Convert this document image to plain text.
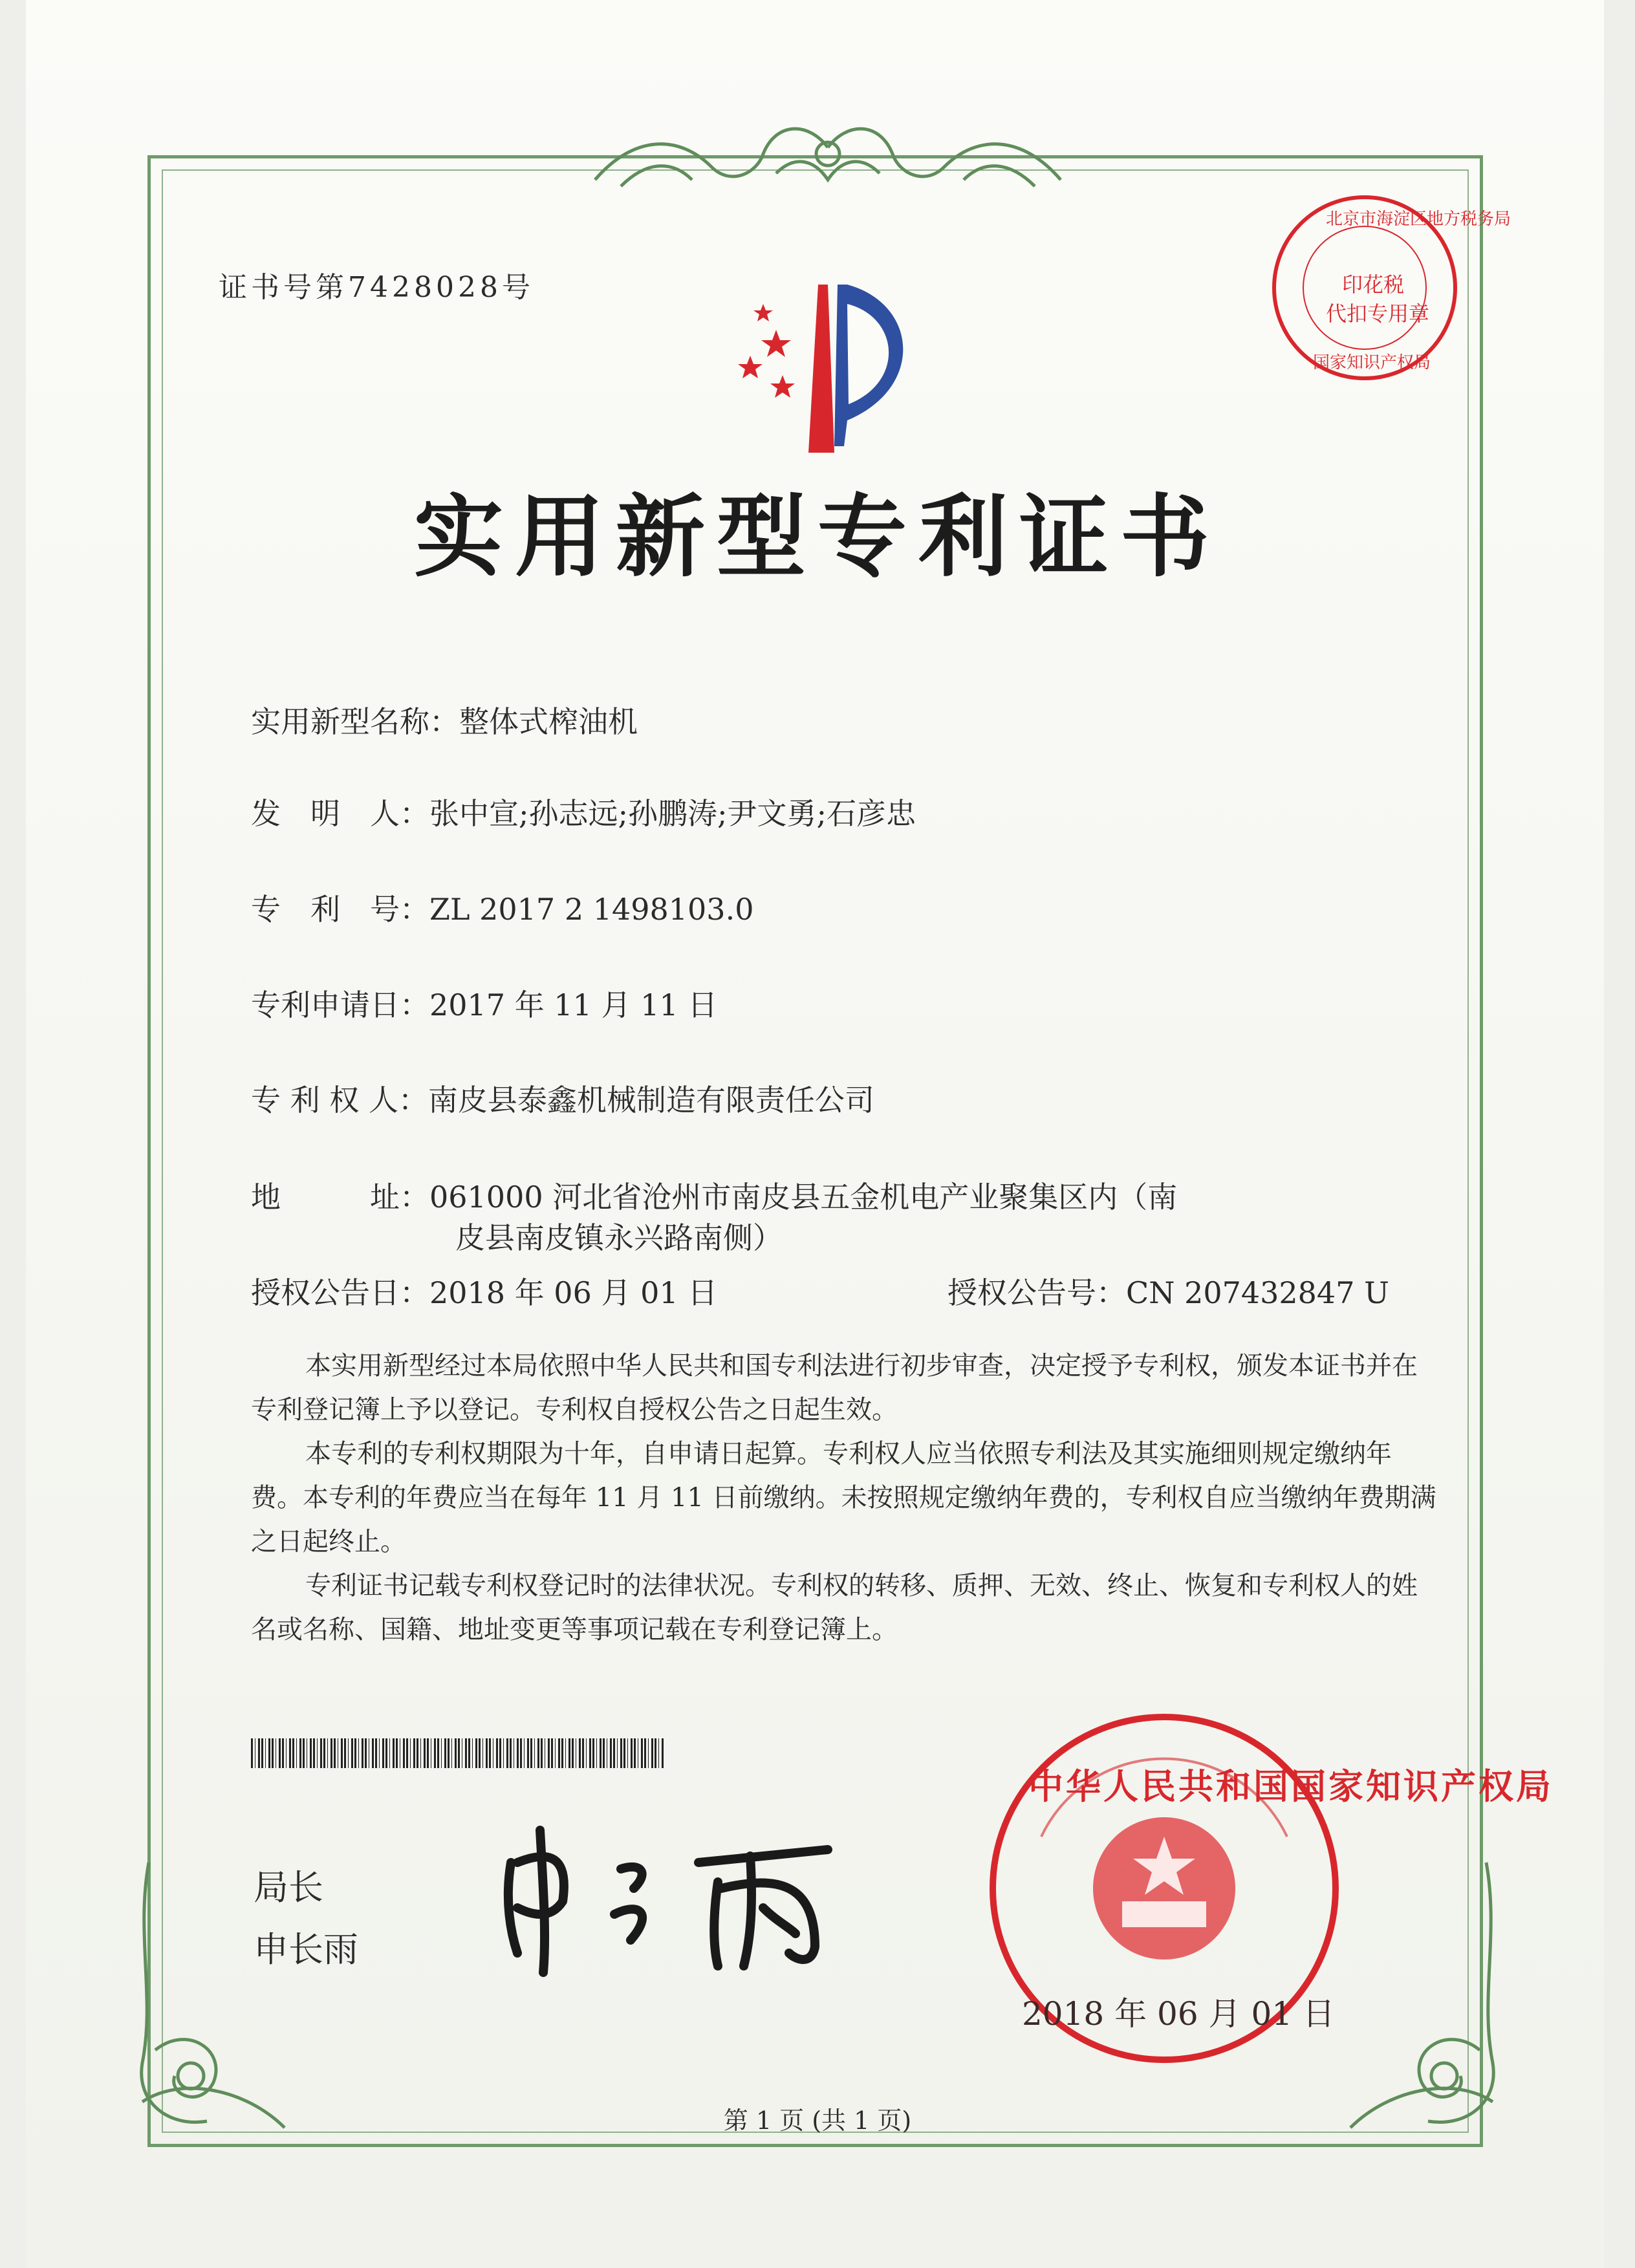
证书号第7428028号
北京市海淀区地方税务局
印花税
代扣专用章
国家知识产权局
实用新型专利证书
实用新型名称：整体式榨油机
发　明　人：张中宣;孙志远;孙鹏涛;尹文勇;石彦忠
专　利　号：ZL 2017 2 1498103.0
专利申请日：2017 年 11 月 11 日
专 利 权 人：南皮县泰鑫机械制造有限责任公司
地　　　址：061000 河北省沧州市南皮县五金机电产业聚集区内（南
皮县南皮镇永兴路南侧）
授权公告日：2018 年 06 月 01 日	授权公告号：CN 207432847 U

本实用新型经过本局依照中华人民共和国专利法进行初步审查，决定授予专利权，颁发本证书并在专利登记簿上予以登记。专利权自授权公告之日起生效。

本专利的专利权期限为十年，自申请日起算。专利权人应当依照专利法及其实施细则规定缴纳年费。本专利的年费应当在每年 11 月 11 日前缴纳。未按照规定缴纳年费的，专利权自应当缴纳年费期满之日起终止。

专利证书记载专利权登记时的法律状况。专利权的转移、质押、无效、终止、恢复和专利权人的姓名或名称、国籍、地址变更等事项记载在专利登记簿上。

局长
申长雨
中华人民共和国国家知识产权局
2018 年 06 月 01 日
第 1 页 (共 1 页)
